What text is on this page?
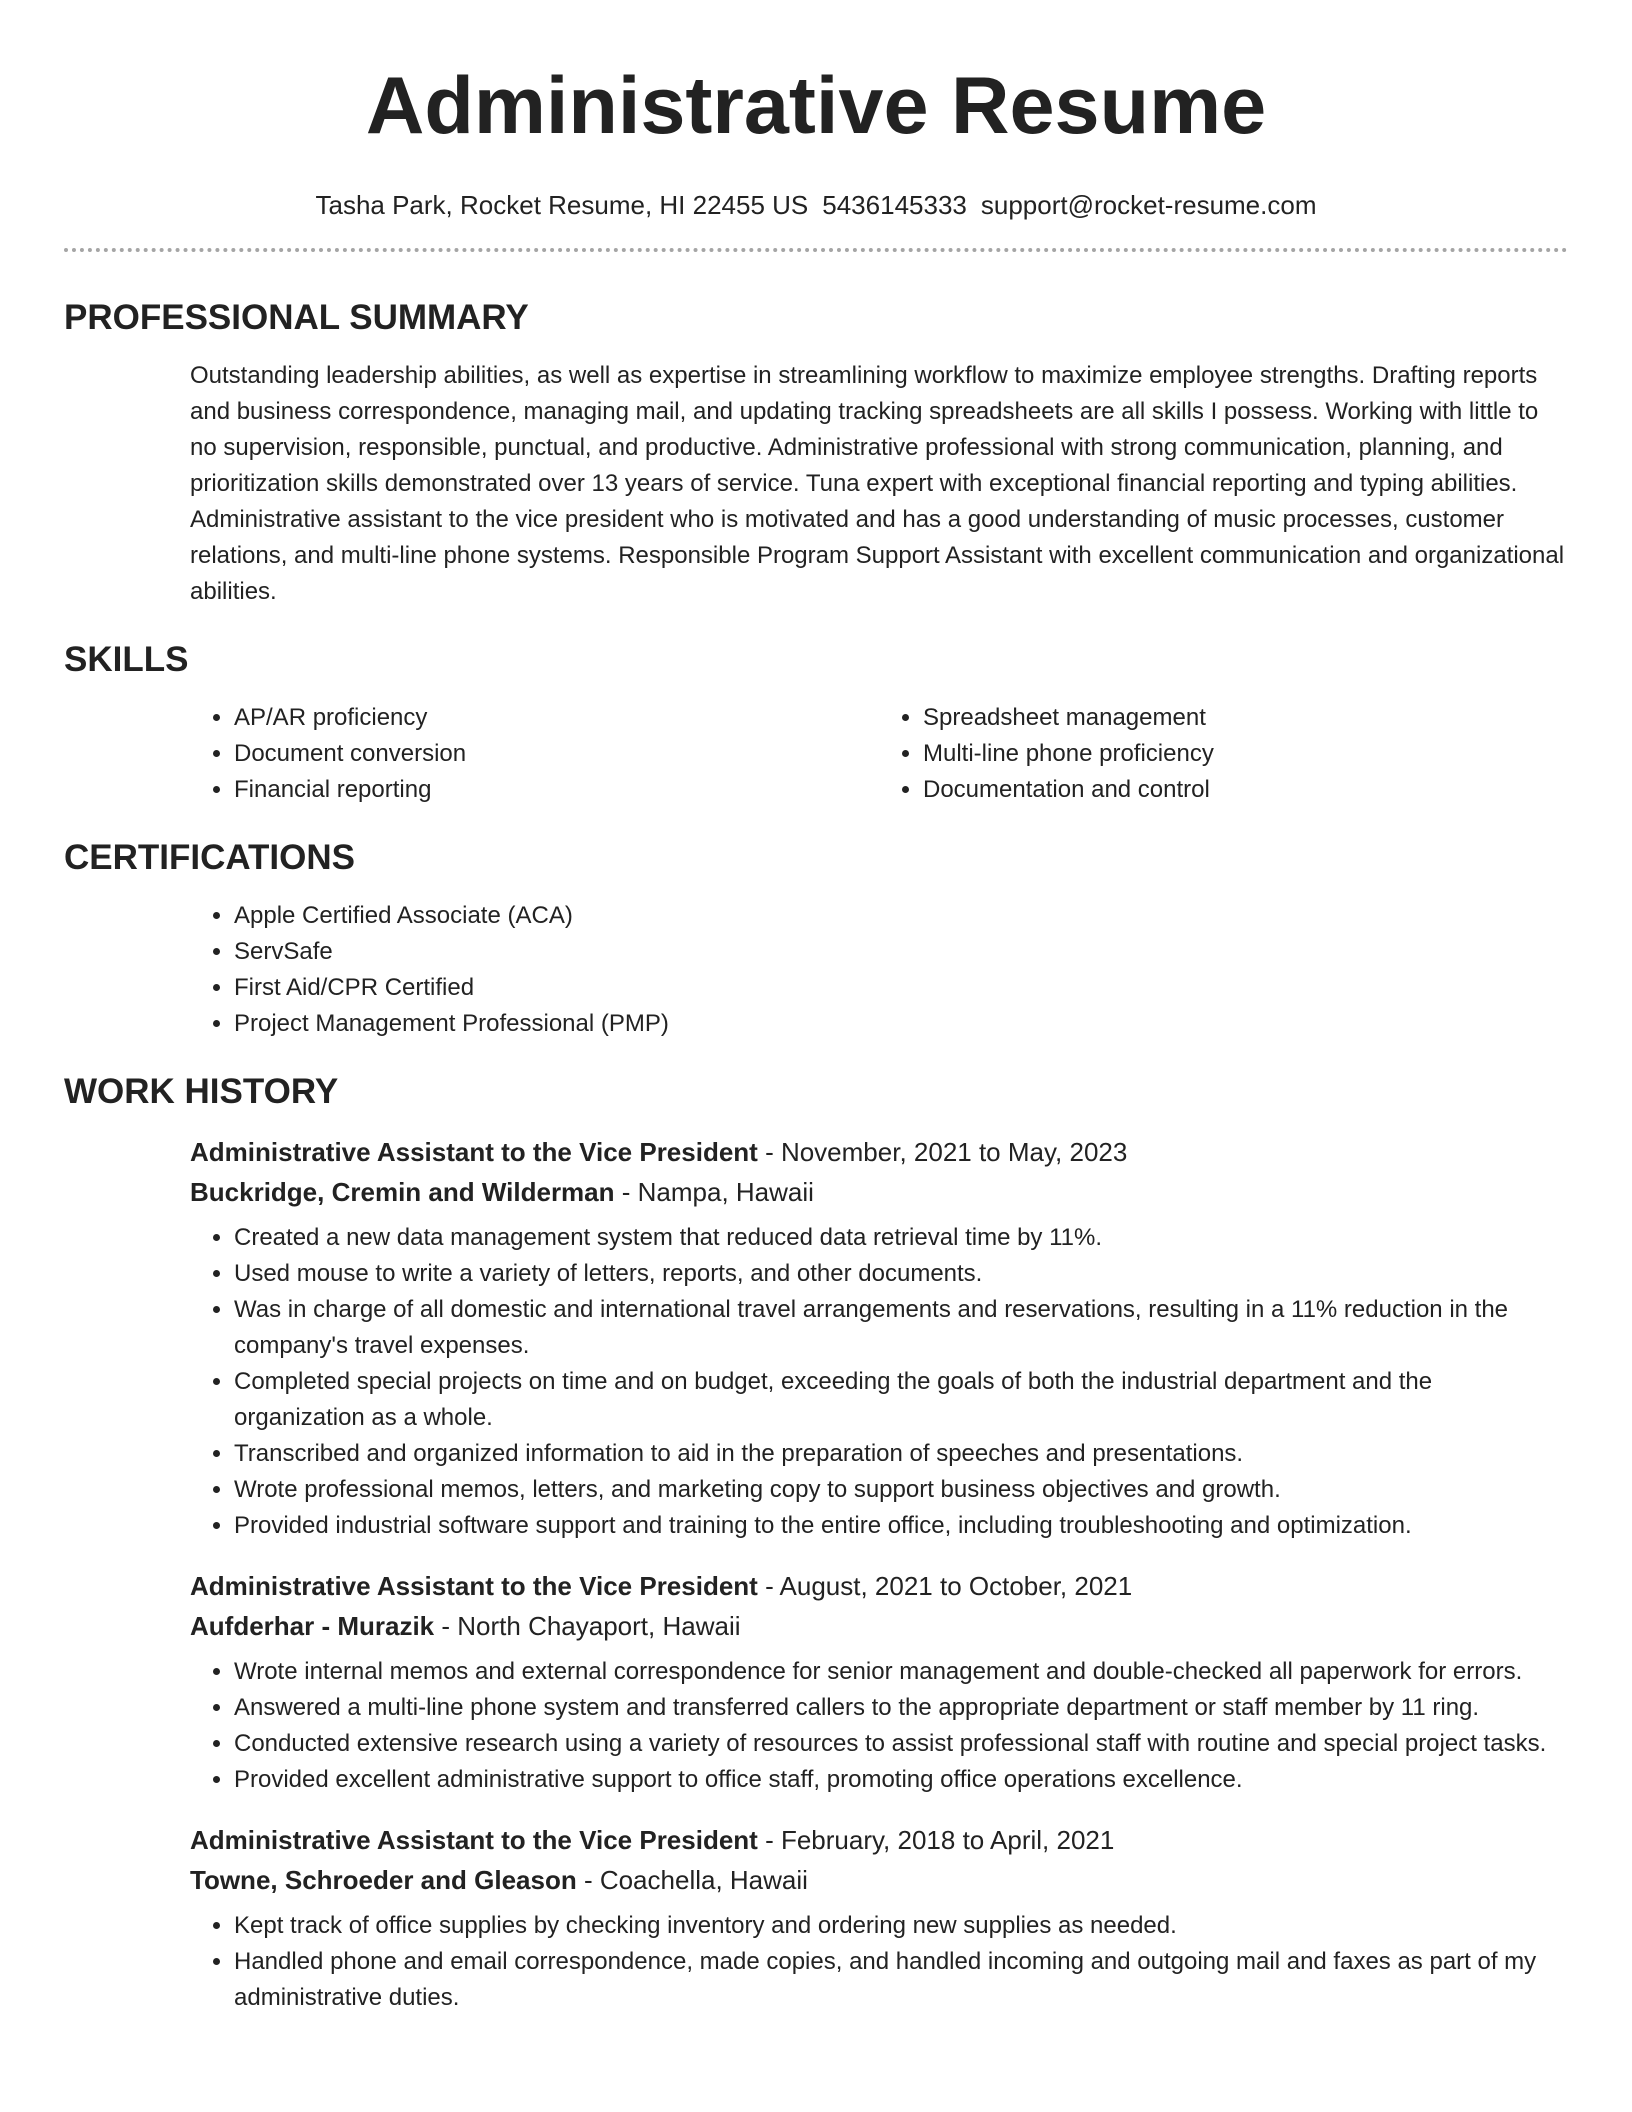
Administrative Resume
Tasha Park, Rocket Resume, HI 22455 US 5436145333 support@rocket-resume.com
PROFESSIONAL SUMMARY

Outstanding leadership abilities, as well as expertise in streamlining workflow to maximize employee strengths. Drafting reports and business correspondence, managing mail, and updating tracking spreadsheets are all skills I possess. Working with little to no supervision, responsible, punctual, and productive. Administrative professional with strong communication, planning, and prioritization skills demonstrated over 13 years of service. Tuna expert with exceptional financial reporting and typing abilities. Administrative assistant to the vice president who is motivated and has a good understanding of music processes, customer relations, and multi-line phone systems. Responsible Program Support Assistant with excellent communication and organizational abilities.

SKILLS
• AP/AR proficiency
• Document conversion
• Financial reporting
• Spreadsheet management
• Multi-line phone proficiency
• Documentation and control
CERTIFICATIONS
• Apple Certified Associate (ACA)
• ServSafe
• First Aid/CPR Certified
• Project Management Professional (PMP)
WORK HISTORY
Administrative Assistant to the Vice President - November, 2021 to May, 2023
Buckridge, Cremin and Wilderman - Nampa, Hawaii
• Created a new data management system that reduced data retrieval time by 11%.
• Used mouse to write a variety of letters, reports, and other documents.
• Was in charge of all domestic and international travel arrangements and reservations, resulting in a 11% reduction in the company's travel expenses.
• Completed special projects on time and on budget, exceeding the goals of both the industrial department and the organization as a whole.
• Transcribed and organized information to aid in the preparation of speeches and presentations.
• Wrote professional memos, letters, and marketing copy to support business objectives and growth.
• Provided industrial software support and training to the entire office, including troubleshooting and optimization.
Administrative Assistant to the Vice President - August, 2021 to October, 2021
Aufderhar - Murazik - North Chayaport, Hawaii
• Wrote internal memos and external correspondence for senior management and double-checked all paperwork for errors.
• Answered a multi-line phone system and transferred callers to the appropriate department or staff member by 11 ring.
• Conducted extensive research using a variety of resources to assist professional staff with routine and special project tasks.
• Provided excellent administrative support to office staff, promoting office operations excellence.
Administrative Assistant to the Vice President - February, 2018 to April, 2021
Towne, Schroeder and Gleason - Coachella, Hawaii
• Kept track of office supplies by checking inventory and ordering new supplies as needed.
• Handled phone and email correspondence, made copies, and handled incoming and outgoing mail and faxes as part of my administrative duties.
